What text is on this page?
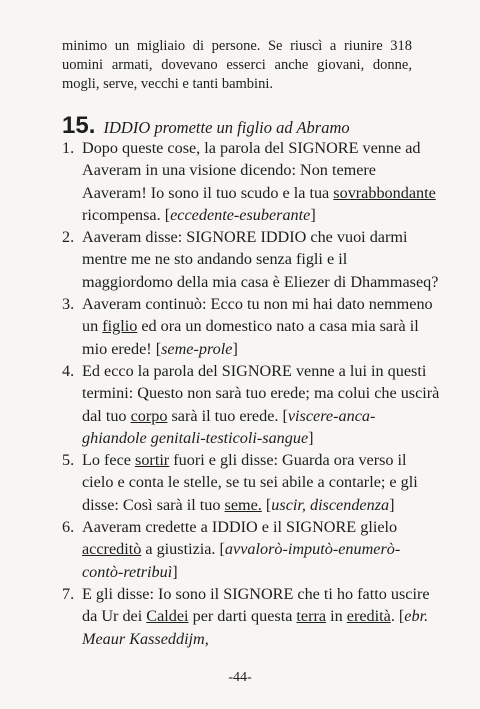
minimo un migliaio di persone. Se riuscì a riunire 318 uomini armati, dovevano esserci anche giovani, donne, mogli, serve, vecchi e tanti bambini.
15. IDDIO promette un figlio ad Abramo
1. Dopo queste cose, la parola del SIGNORE venne ad Aaveram in una visione dicendo: Non temere Aaveram! Io sono il tuo scudo e la tua sovrabbondante ricompensa. [eccedente-esuberante]
2. Aaveram disse: SIGNORE IDDIO che vuoi darmi mentre me ne sto andando senza figli e il maggiordomo della mia casa è Eliezer di Dhammaseq?
3. Aaveram continuò: Ecco tu non mi hai dato nemmeno un figlio ed ora un domestico nato a casa mia sarà il mio erede! [seme-prole]
4. Ed ecco la parola del SIGNORE venne a lui in questi termini: Questo non sarà tuo erede; ma colui che uscirà dal tuo corpo sarà il tuo erede. [viscere-anca-ghiandole genitali-testicoli-sangue]
5. Lo fece sortir fuori e gli disse: Guarda ora verso il cielo e conta le stelle, se tu sei abile a contarle; e gli disse: Così sarà il tuo seme. [uscir, discendenza]
6. Aaveram credette a IDDIO e il SIGNORE glielo accreditò a giustizia. [avvalorò-imputò-enumerò-contò-retribuì]
7. E gli disse: Io sono il SIGNORE che ti ho fatto uscire da Ur dei Caldei per darti questa terra in eredità. [ebr. Meaur Kasseddijm,
-44-
